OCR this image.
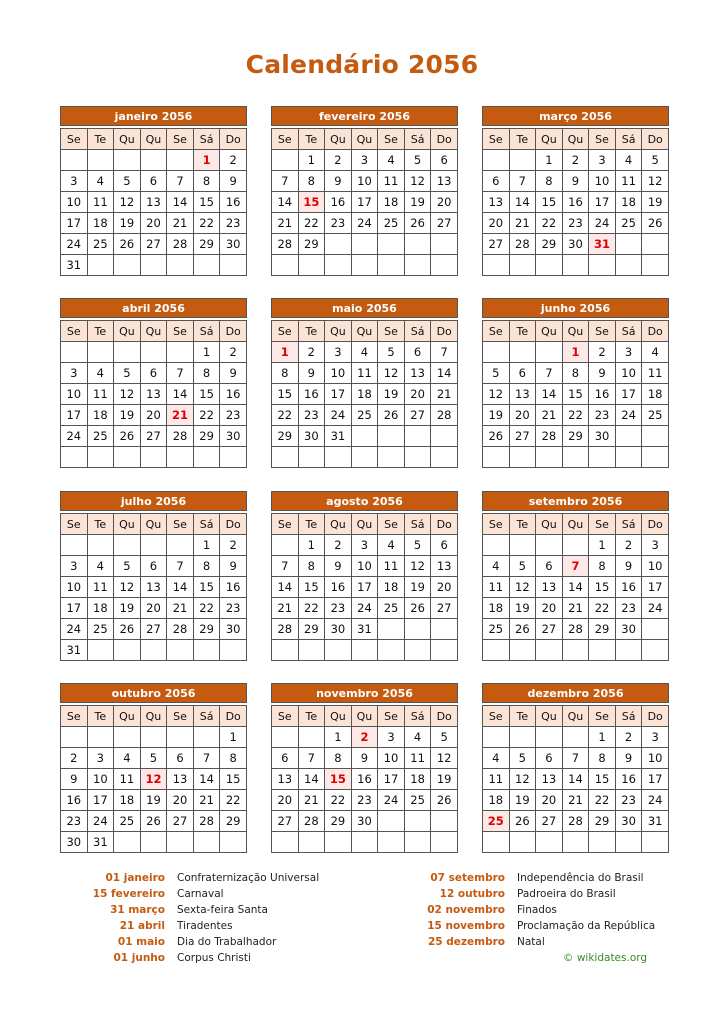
Calendário 2056
janeiro 2056
Se	Te	Qu	Qu	Se	Sá	Do
					1	2
3	4	5	6	7	8	9
10	11	12	13	14	15	16
17	18	19	20	21	22	23
24	25	26	27	28	29	30
31						
fevereiro 2056
Se	Te	Qu	Qu	Se	Sá	Do
	1	2	3	4	5	6
7	8	9	10	11	12	13
14	15	16	17	18	19	20
21	22	23	24	25	26	27
28	29					

março 2056
Se	Te	Qu	Qu	Se	Sá	Do
		1	2	3	4	5
6	7	8	9	10	11	12
13	14	15	16	17	18	19
20	21	22	23	24	25	26
27	28	29	30	31		

abril 2056
Se	Te	Qu	Qu	Se	Sá	Do
					1	2
3	4	5	6	7	8	9
10	11	12	13	14	15	16
17	18	19	20	21	22	23
24	25	26	27	28	29	30

maio 2056
Se	Te	Qu	Qu	Se	Sá	Do
1	2	3	4	5	6	7
8	9	10	11	12	13	14
15	16	17	18	19	20	21
22	23	24	25	26	27	28
29	30	31				

junho 2056
Se	Te	Qu	Qu	Se	Sá	Do
			1	2	3	4
5	6	7	8	9	10	11
12	13	14	15	16	17	18
19	20	21	22	23	24	25
26	27	28	29	30		

julho 2056
Se	Te	Qu	Qu	Se	Sá	Do
					1	2
3	4	5	6	7	8	9
10	11	12	13	14	15	16
17	18	19	20	21	22	23
24	25	26	27	28	29	30
31						
agosto 2056
Se	Te	Qu	Qu	Se	Sá	Do
	1	2	3	4	5	6
7	8	9	10	11	12	13
14	15	16	17	18	19	20
21	22	23	24	25	26	27
28	29	30	31			

setembro 2056
Se	Te	Qu	Qu	Se	Sá	Do
				1	2	3
4	5	6	7	8	9	10
11	12	13	14	15	16	17
18	19	20	21	22	23	24
25	26	27	28	29	30	

outubro 2056
Se	Te	Qu	Qu	Se	Sá	Do
						1
2	3	4	5	6	7	8
9	10	11	12	13	14	15
16	17	18	19	20	21	22
23	24	25	26	27	28	29
30	31					
novembro 2056
Se	Te	Qu	Qu	Se	Sá	Do
		1	2	3	4	5
6	7	8	9	10	11	12
13	14	15	16	17	18	19
20	21	22	23	24	25	26
27	28	29	30			

dezembro 2056
Se	Te	Qu	Qu	Se	Sá	Do
				1	2	3
4	5	6	7	8	9	10
11	12	13	14	15	16	17
18	19	20	21	22	23	24
25	26	27	28	29	30	31

01 janeiro	Confraternização Universal
15 fevereiro	Carnaval
31 março	Sexta-feira Santa
21 abril	Tiradentes
01 maio	Dia do Trabalhador
01 junho	Corpus Christi
07 setembro	Independência do Brasil
12 outubro	Padroeira do Brasil
02 novembro	Finados
15 novembro	Proclamação da República
25 dezembro	Natal
© wikidates.org
